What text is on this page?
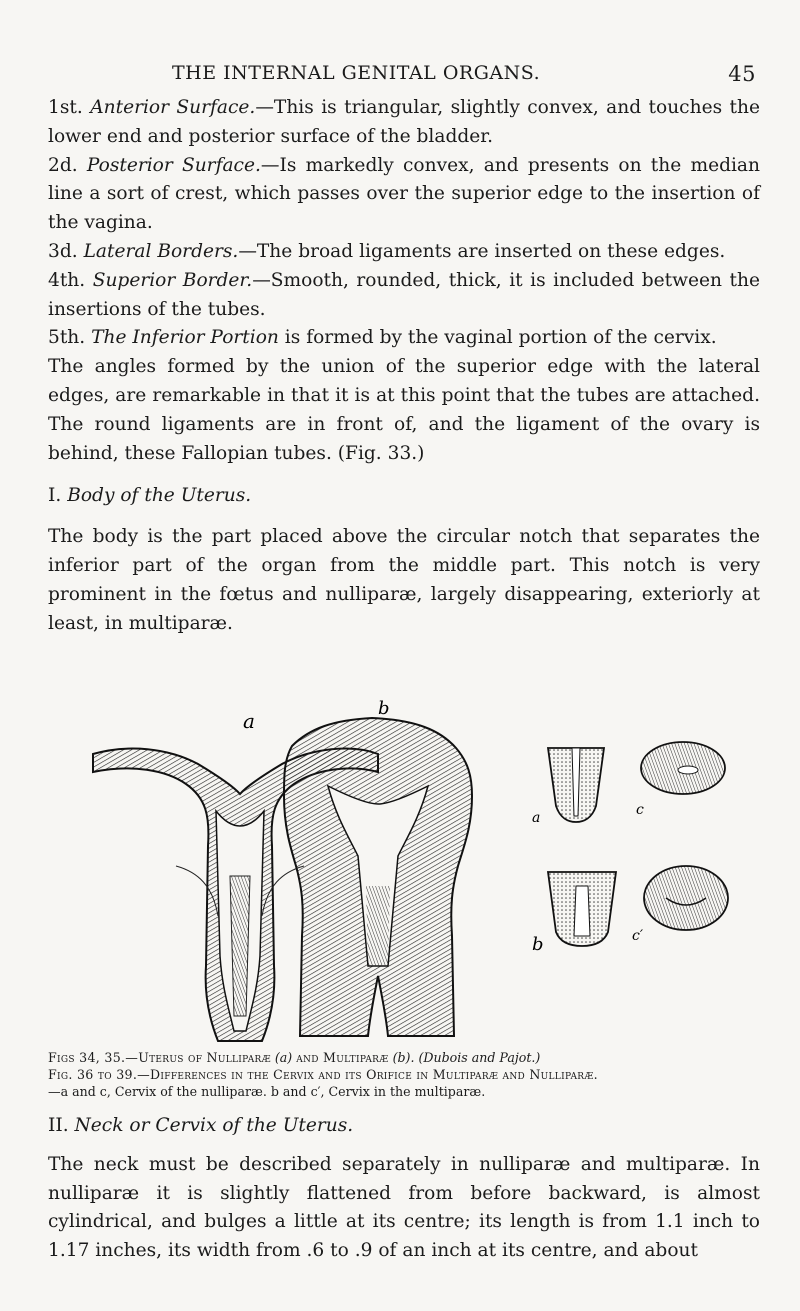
THE INTERNAL GENITAL ORGANS.	45

1st. Anterior Surface.—This is triangular, slightly convex, and touches the lower end and posterior surface of the bladder.

2d. Posterior Surface.—Is markedly convex, and presents on the median line a sort of crest, which passes over the superior edge to the insertion of the vagina.

3d. Lateral Borders.—The broad ligaments are inserted on these edges.

4th. Superior Border.—Smooth, rounded, thick, it is included between the insertions of the tubes.

5th. The Inferior Portion is formed by the vaginal portion of the cervix.

The angles formed by the union of the superior edge with the lateral edges, are remarkable in that it is at this point that the tubes are attached. The round ligaments are in front of, and the ligament of the ovary is behind, these Fallopian tubes. (Fig. 33.)

I. Body of the Uterus.

The body is the part placed above the circular notch that separates the inferior part of the organ from the middle part. This notch is very prominent in the fœtus and nulliparæ, largely disappearing, exteriorly at least, in multiparæ.

a
b
a	c
b	c′
Figs 34, 35.—Uterus of Nulliparæ (a) and Multiparæ (b). (Dubois and Pajot.)
Fig. 36 to 39.—Differences in the Cervix and its Orifice in Multiparæ and Nulliparæ.
—a and c, Cervix of the nulliparæ. b and c′, Cervix in the multiparæ.

II. Neck or Cervix of the Uterus.

The neck must be described separately in nulliparæ and multiparæ. In nulliparæ it is slightly flattened from before backward, is almost cylindrical, and bulges a little at its centre; its length is from 1.1 inch to 1.17 inches, its width from .6 to .9 of an inch at its centre, and about
